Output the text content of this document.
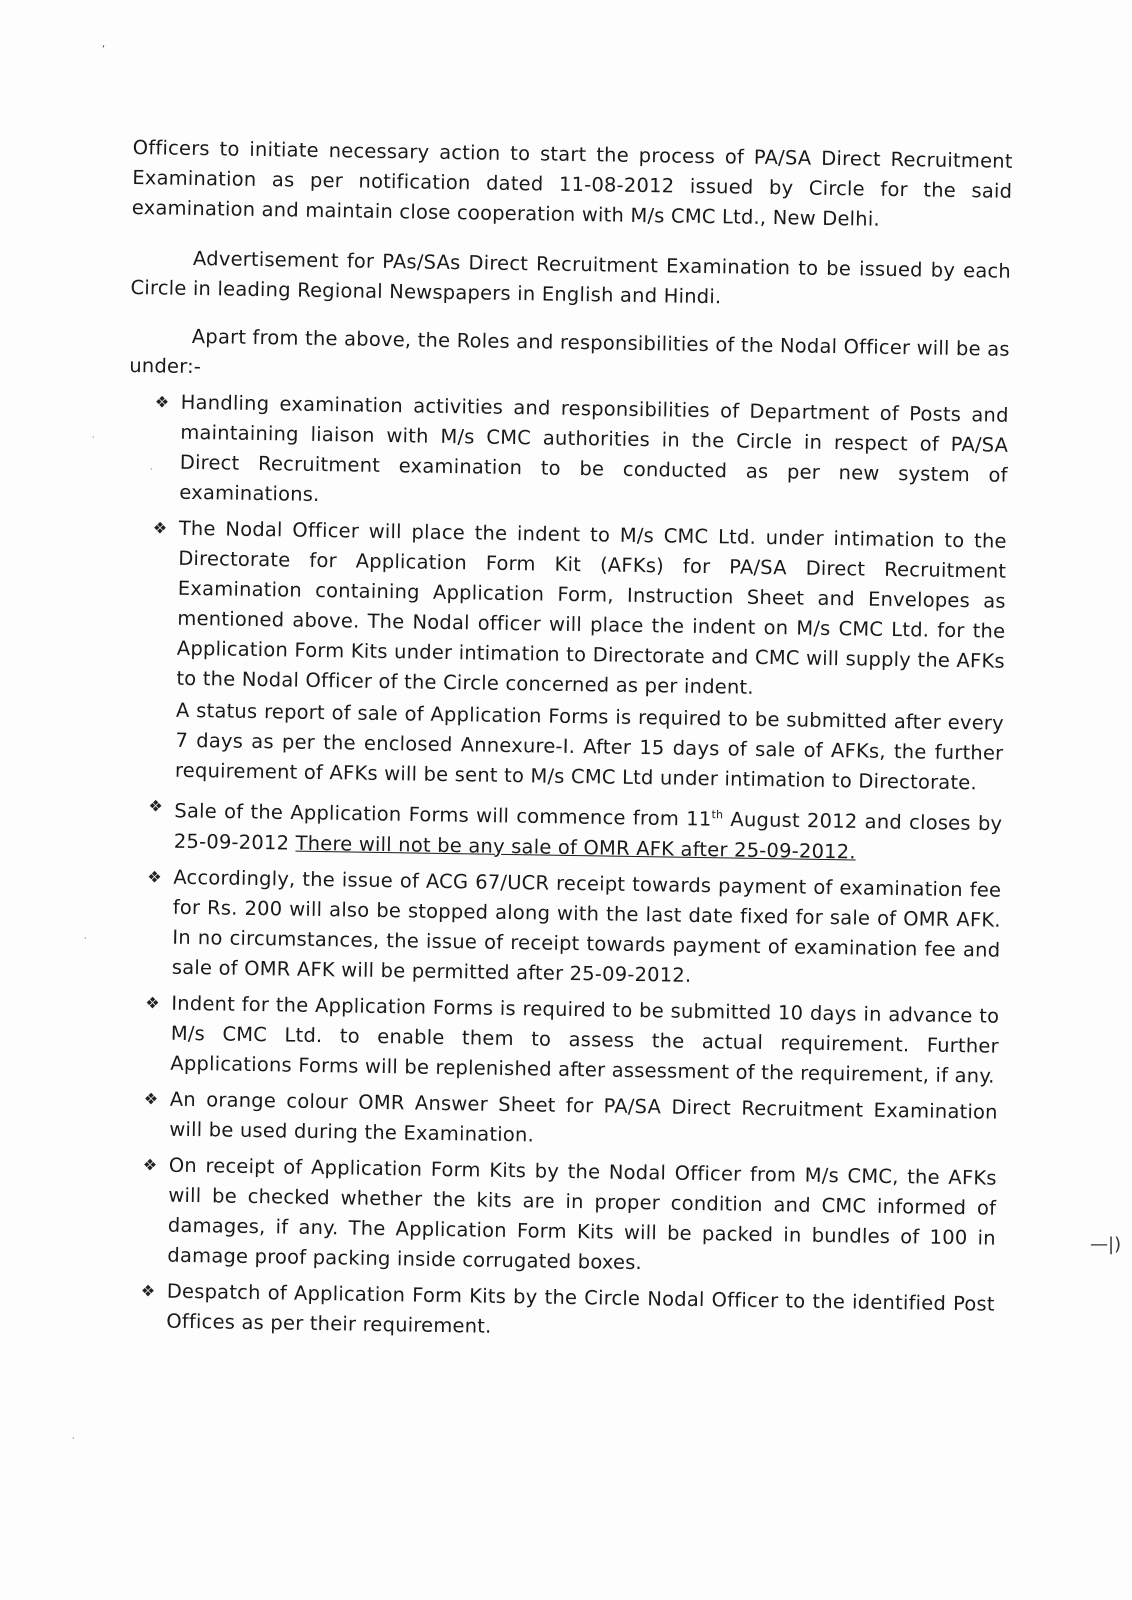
‘
·
·
·
·

Officers to initiate necessary action to start the process of PA/SA Direct Recruitment Examination as per notification dated 11-08-2012 issued by Circle for the said examination and maintain close cooperation with M/s CMC Ltd., New Delhi.

Advertisement for PAs/SAs Direct Recruitment Examination to be issued by each Circle in leading Regional Newspapers in English and Hindi.

Apart from the above, the Roles and responsibilities of the Nodal Officer will be as under:-

❖ Handling examination activities and responsibilities of Department of Posts and maintaining liaison with M/s CMC authorities in the Circle in respect of PA/SA Direct Recruitment examination to be conducted as per new system of examinations.

❖ The Nodal Officer will place the indent to M/s CMC Ltd. under intimation to the Directorate for Application Form Kit (AFKs) for PA/SA Direct Recruitment Examination containing Application Form, Instruction Sheet and Envelopes as mentioned above. The Nodal officer will place the indent on M/s CMC Ltd. for the Application Form Kits under intimation to Directorate and CMC will supply the AFKs to the Nodal Officer of the Circle concerned as per indent.

A status report of sale of Application Forms is required to be submitted after every 7 days as per the enclosed Annexure-I. After 15 days of sale of AFKs, the further requirement of AFKs will be sent to M/s CMC Ltd under intimation to Directorate.

❖ Sale of the Application Forms will commence from 11th August 2012 and closes by 25-09-2012 There will not be any sale of OMR AFK after 25-09-2012.

❖ Accordingly, the issue of ACG 67/UCR receipt towards payment of examination fee for Rs. 200 will also be stopped along with the last date fixed for sale of OMR AFK. In no circumstances, the issue of receipt towards payment of examination fee and sale of OMR AFK will be permitted after 25-09-2012.

❖ Indent for the Application Forms is required to be submitted 10 days in advance to M/s CMC Ltd. to enable them to assess the actual requirement. Further Applications Forms will be replenished after assessment of the requirement, if any.

❖ An orange colour OMR Answer Sheet for PA/SA Direct Recruitment Examination will be used during the Examination.

❖ On receipt of Application Form Kits by the Nodal Officer from M/s CMC, the AFKs will be checked whether the kits are in proper condition and CMC informed of damages, if any. The Application Form Kits will be packed in bundles of 100 in damage proof packing inside corrugated boxes.

❖ Despatch of Application Form Kits by the Circle Nodal Officer to the identified Post Offices as per their requirement.

—|)
